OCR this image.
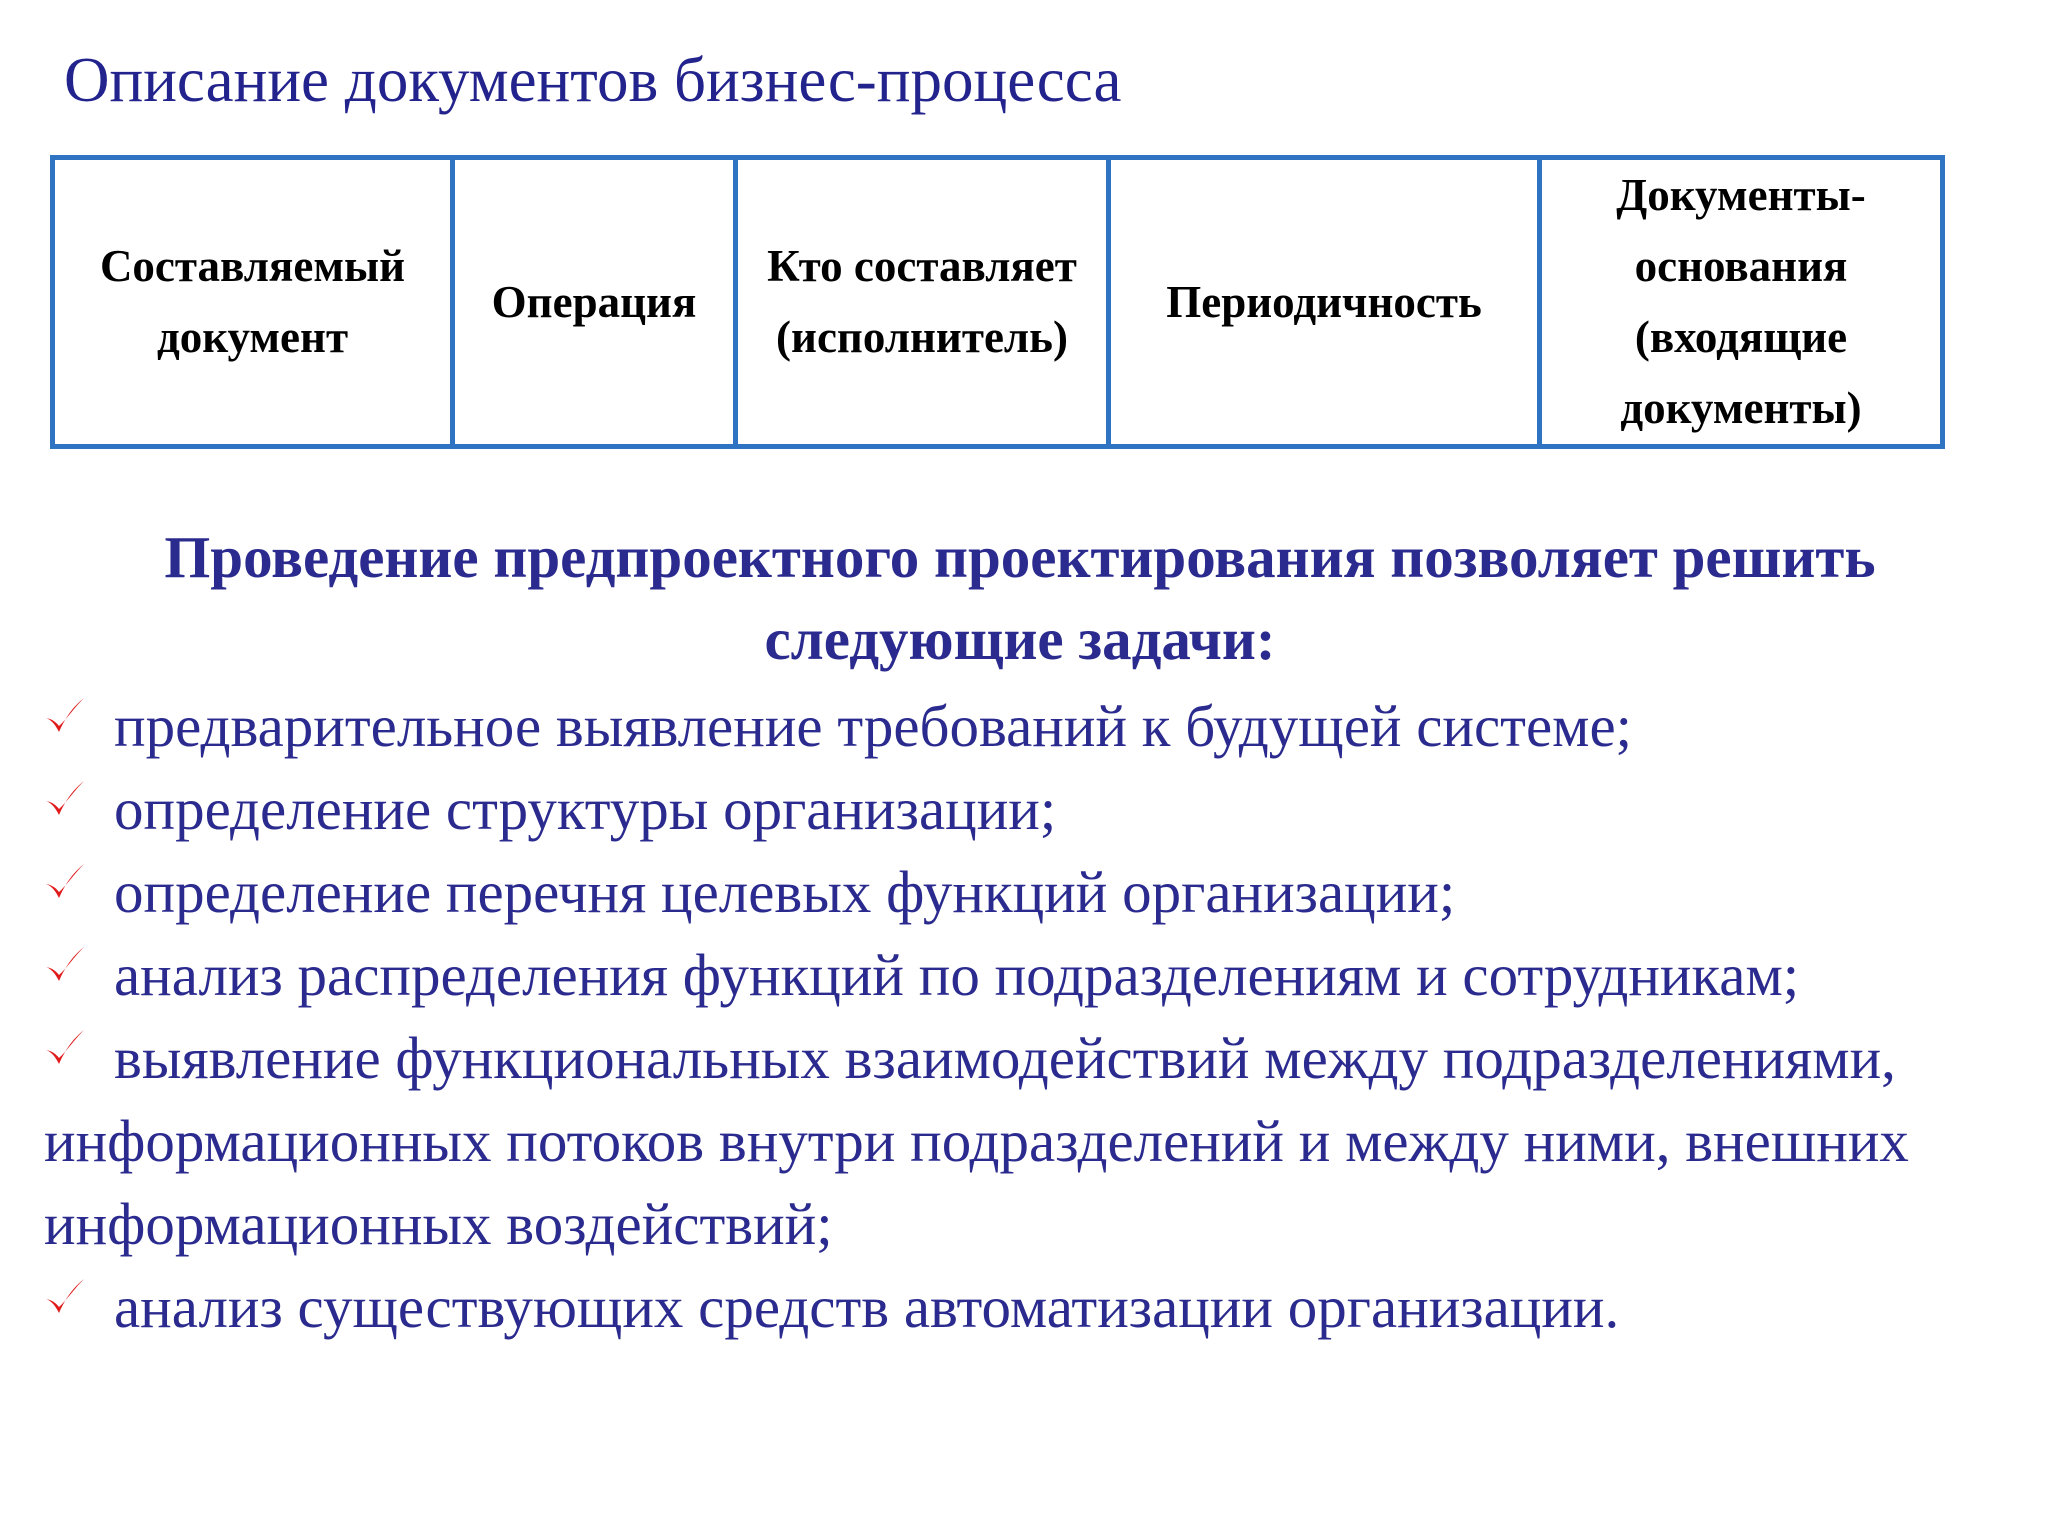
Описание документов бизнес-процесса
Составляемый документ	Операция	Кто составляет (исполнитель)	Периодичность	Документы-основания (входящие документы)
Проведение предпроектного проектирования позволяет решить следующие задачи:
предварительное выявление требований к будущей системе;
определение структуры организации;
определение перечня целевых функций организации;
анализ распределения функций по подразделениям и сотрудникам;
выявление функциональных взаимодействий между подразделениями, информационных потоков внутри подразделений и между ними, внешних информационных воздействий;
анализ существующих средств автоматизации организации.
